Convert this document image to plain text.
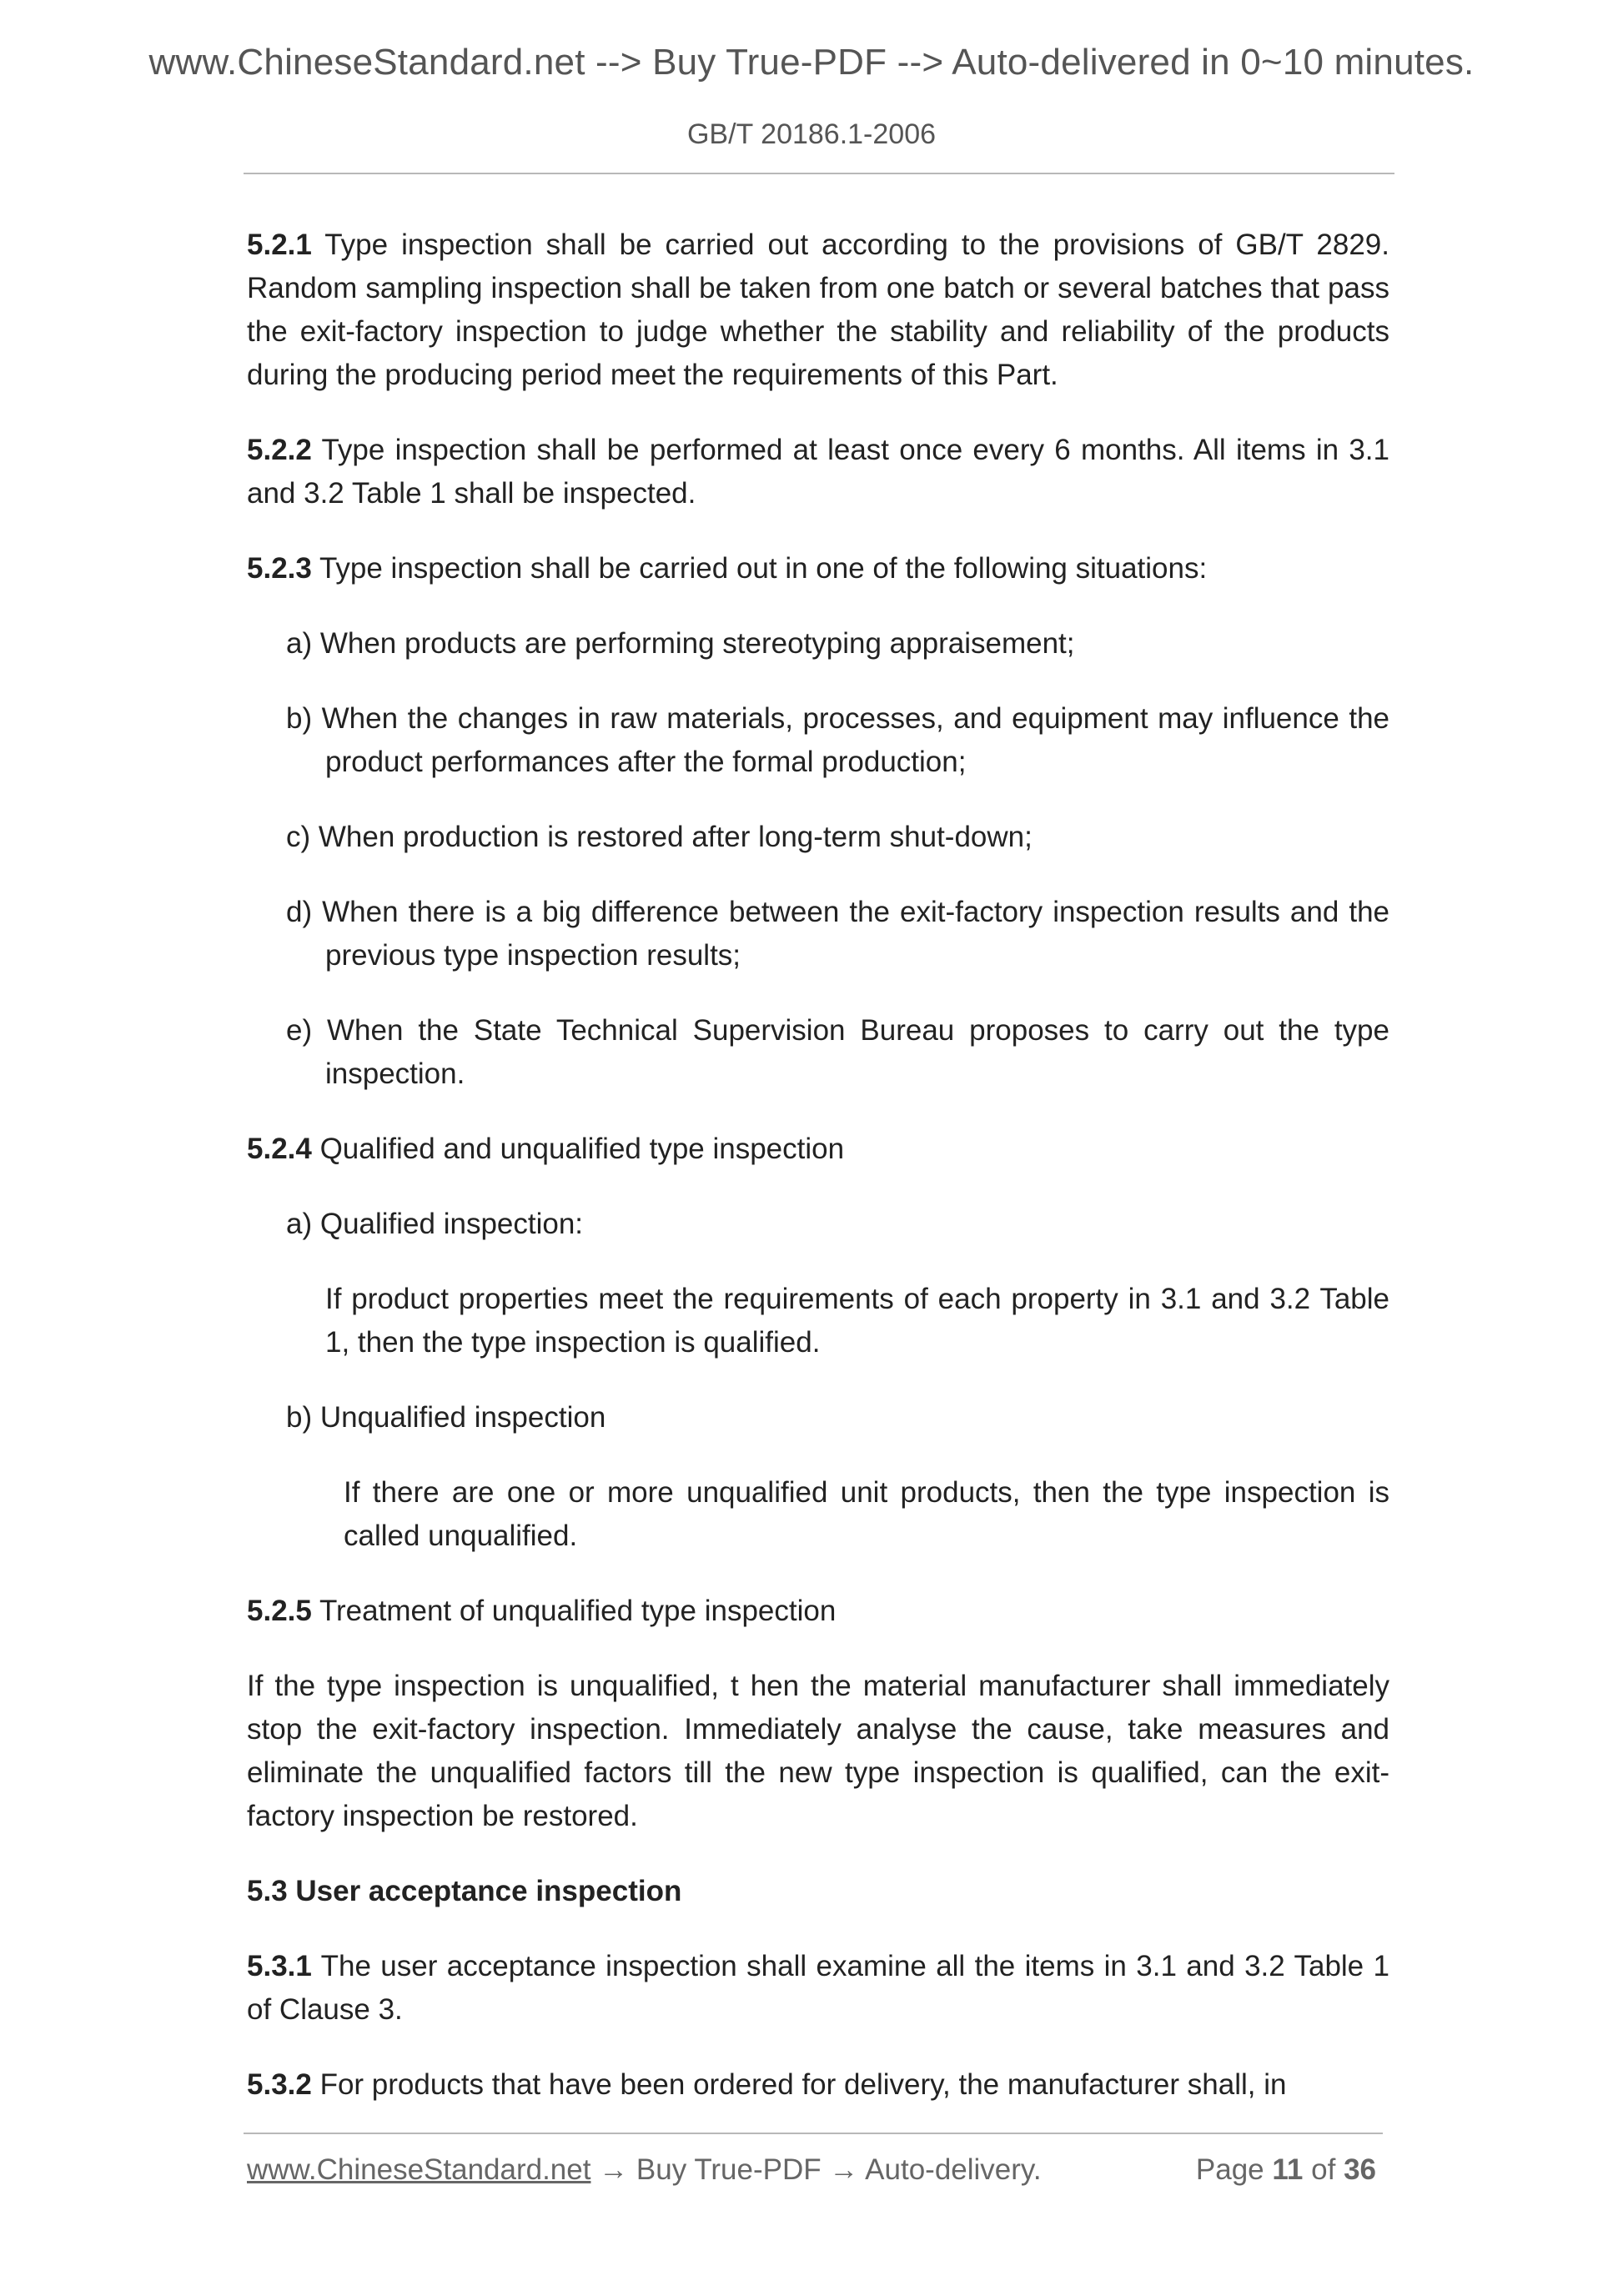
www.ChineseStandard.net --> Buy True-PDF --> Auto-delivered in 0~10 minutes.
GB/T 20186.1-2006

5.2.1 Type inspection shall be carried out according to the provisions of GB/T 2829. Random sampling inspection shall be taken from one batch or several batches that pass the exit-factory inspection to judge whether the stability and reliability of the products during the producing period meet the requirements of this Part.

5.2.2 Type inspection shall be performed at least once every 6 months. All items in 3.1 and 3.2 Table 1 shall be inspected.

5.2.3 Type inspection shall be carried out in one of the following situations:

a) When products are performing stereotyping appraisement;

b) When the changes in raw materials, processes, and equipment may influence the product performances after the formal production;

c) When production is restored after long-term shut-down;

d) When there is a big difference between the exit-factory inspection results and the previous type inspection results;

e) When the State Technical Supervision Bureau proposes to carry out the type inspection.

5.2.4 Qualified and unqualified type inspection

a) Qualified inspection:

If product properties meet the requirements of each property in 3.1 and 3.2 Table 1, then the type inspection is qualified.

b) Unqualified inspection

If there are one or more unqualified unit products, then the type inspection is called unqualified.

5.2.5 Treatment of unqualified type inspection

If the type inspection is unqualified, t hen the material manufacturer shall immediately stop the exit-factory inspection. Immediately analyse the cause, take measures and eliminate the unqualified factors till the new type inspection is qualified, can the exit-factory inspection be restored.

5.3 User acceptance inspection

5.3.1 The user acceptance inspection shall examine all the items in 3.1 and 3.2 Table 1 of Clause 3.

5.3.2 For products that have been ordered for delivery, the manufacturer shall, in

www.ChineseStandard.net → Buy True-PDF → Auto-delivery.	Page 11 of 36
